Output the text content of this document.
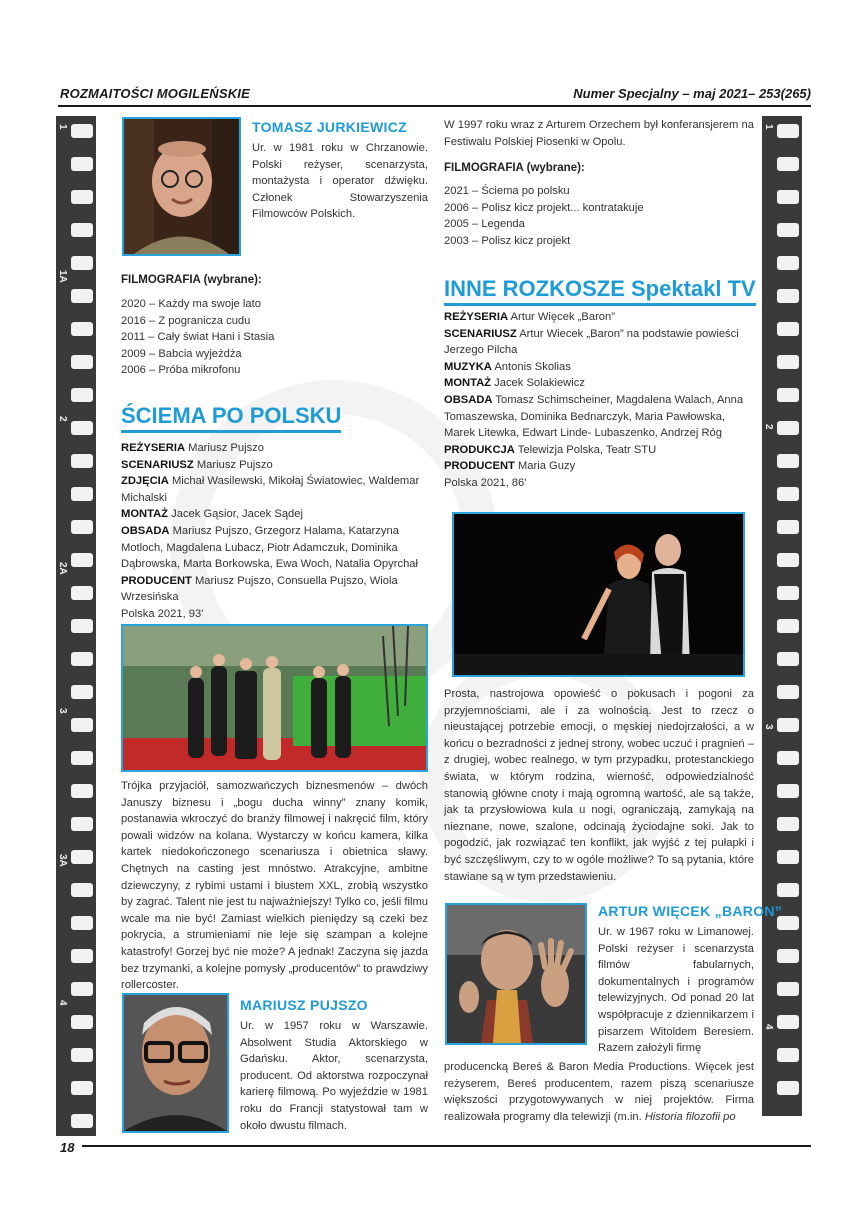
ROZMAITOŚCI MOGILEŃSKIE	Numer Specjalny – maj 2021– 253(265)
1
1A
2
2A
3
3A
4
1
2
3
4
TOMASZ JURKIEWICZ
Ur. w 1981 roku w Chrzanowie. Polski reżyser, scenarzysta, montażysta i operator dźwięku. Członek Stowarzyszenia Filmowców Polskich.
FILMOGRAFIA (wybrane):
2020 – Każdy ma swoje lato
2016 – Z pogranicza cudu
2011 – Cały świat Hani i Stasia
2009 – Babcia wyjeżdża
2006 – Próba mikrofonu
ŚCIEMA PO POLSKU
REŻYSERIA Mariusz Pujszo
SCENARIUSZ Mariusz Pujszo
ZDJĘCIA Michał Wasilewski, Mikołaj Światowiec, Waldemar Michalski
MONTAŻ Jacek Gąsior, Jacek Sądej
OBSADA Mariusz Pujszo, Grzegorz Halama, Katarzyna Motloch, Magdalena Lubacz, Piotr Adamczuk, Dominika Dąbrowska, Marta Borkowska, Ewa Woch, Natalia Opyrchał
PRODUCENT Mariusz Pujszo, Consuella Pujszo, Wiola Wrzesińska
Polska 2021, 93'
Trójka przyjaciół, samozwańczych biznesmenów – dwóch Januszy biznesu i „bogu ducha winny” znany komik, postanawia wkroczyć do branży filmowej i nakręcić film, który powali widzów na kolana. Wystarczy w końcu kamera, kilka kartek niedokończonego scenariusza i obietnica sławy. Chętnych na casting jest mnóstwo. Atrakcyjne, ambitne dziewczyny, z rybimi ustami i biustem XXL, zrobią wszystko by zagrać. Talent nie jest tu najważniejszy! Tylko co, jeśli filmu wcale ma nie być! Zamiast wielkich pieniędzy są czeki bez pokrycia, a strumieniami nie leje się szampan a kolejne katastrofy! Gorzej być nie może? A jednak! Zaczyna się jazda bez trzymanki, a kolejne pomysły „producentów” to prawdziwy rollercoster.
MARIUSZ PUJSZO
Ur. w 1957 roku w Warszawie. Absolwent Studia Aktorskiego w Gdańsku. Aktor, scenarzysta, producent. Od aktorstwa rozpoczynał karierę filmową. Po wyjeździe w 1981 roku do Francji statystował tam w około dwustu filmach.
W 1997 roku wraz z Arturem Orzechem był konferansjerem na Festiwalu Polskiej Piosenki w Opolu.
FILMOGRAFIA (wybrane):
2021 – Ściema po polsku
2006 – Polisz kicz projekt... kontratakuje
2005 – Legenda
2003 – Polisz kicz projekt
INNE ROZKOSZE Spektakl TV
REŻYSERIA Artur Więcek „Baron”
SCENARIUSZ Artur Wiecek „Baron” na podstawie powieści Jerzego Pilcha
MUZYKA Antonis Skolias
MONTAŻ Jacek Solakiewicz
OBSADA Tomasz Schimscheiner, Magdalena Walach, Anna Tomaszewska, Dominika Bednarczyk, Maria Pawłowska, Marek Litewka, Edwart Linde- Lubaszenko, Andrzej Róg
PRODUKCJA Telewizja Polska, Teatr STU
PRODUCENT Maria Guzy
Polska 2021, 86'
Prosta, nastrojowa opowieść o pokusach i pogoni za przyjemnościami, ale i za wolnością. Jest to rzecz o nieustającej potrzebie emocji, o męskiej niedojrzałości, a w końcu o bezradności z jednej strony, wobec uczuć i pragnień – z drugiej, wobec realnego, w tym przypadku, protestanckiego świata, w którym rodzina, wierność, odpowiedzialność stanowią główne cnoty i mają ogromną wartość, ale są także, jak ta przysłowiowa kula u nogi, ograniczają, zamykają na nieznane, nowe, szalone, odcinają życiodajne soki. Jak to pogodzić, jak rozwiązać ten konflikt, jak wyjść z tej pułapki i być szczęśliwym, czy to w ogóle możliwe? To są pytania, które stawiane są w tym przedstawieniu.
ARTUR WIĘCEK „BARON”
Ur. w 1967 roku w Limanowej. Polski reżyser i scenarzysta filmów fabularnych, dokumentalnych i programów telewizyjnych. Od ponad 20 lat współpracuje z dziennikarzem i pisarzem Witoldem Beresiem. Razem założyli firmę
producencką Bereś & Baron Media Productions. Więcek jest reżyserem, Bereś producentem, razem piszą scenariusze większości przygotowywanych w niej projektów. Firma realizowała programy dla telewizji (m.in. Historia filozofii po
18
